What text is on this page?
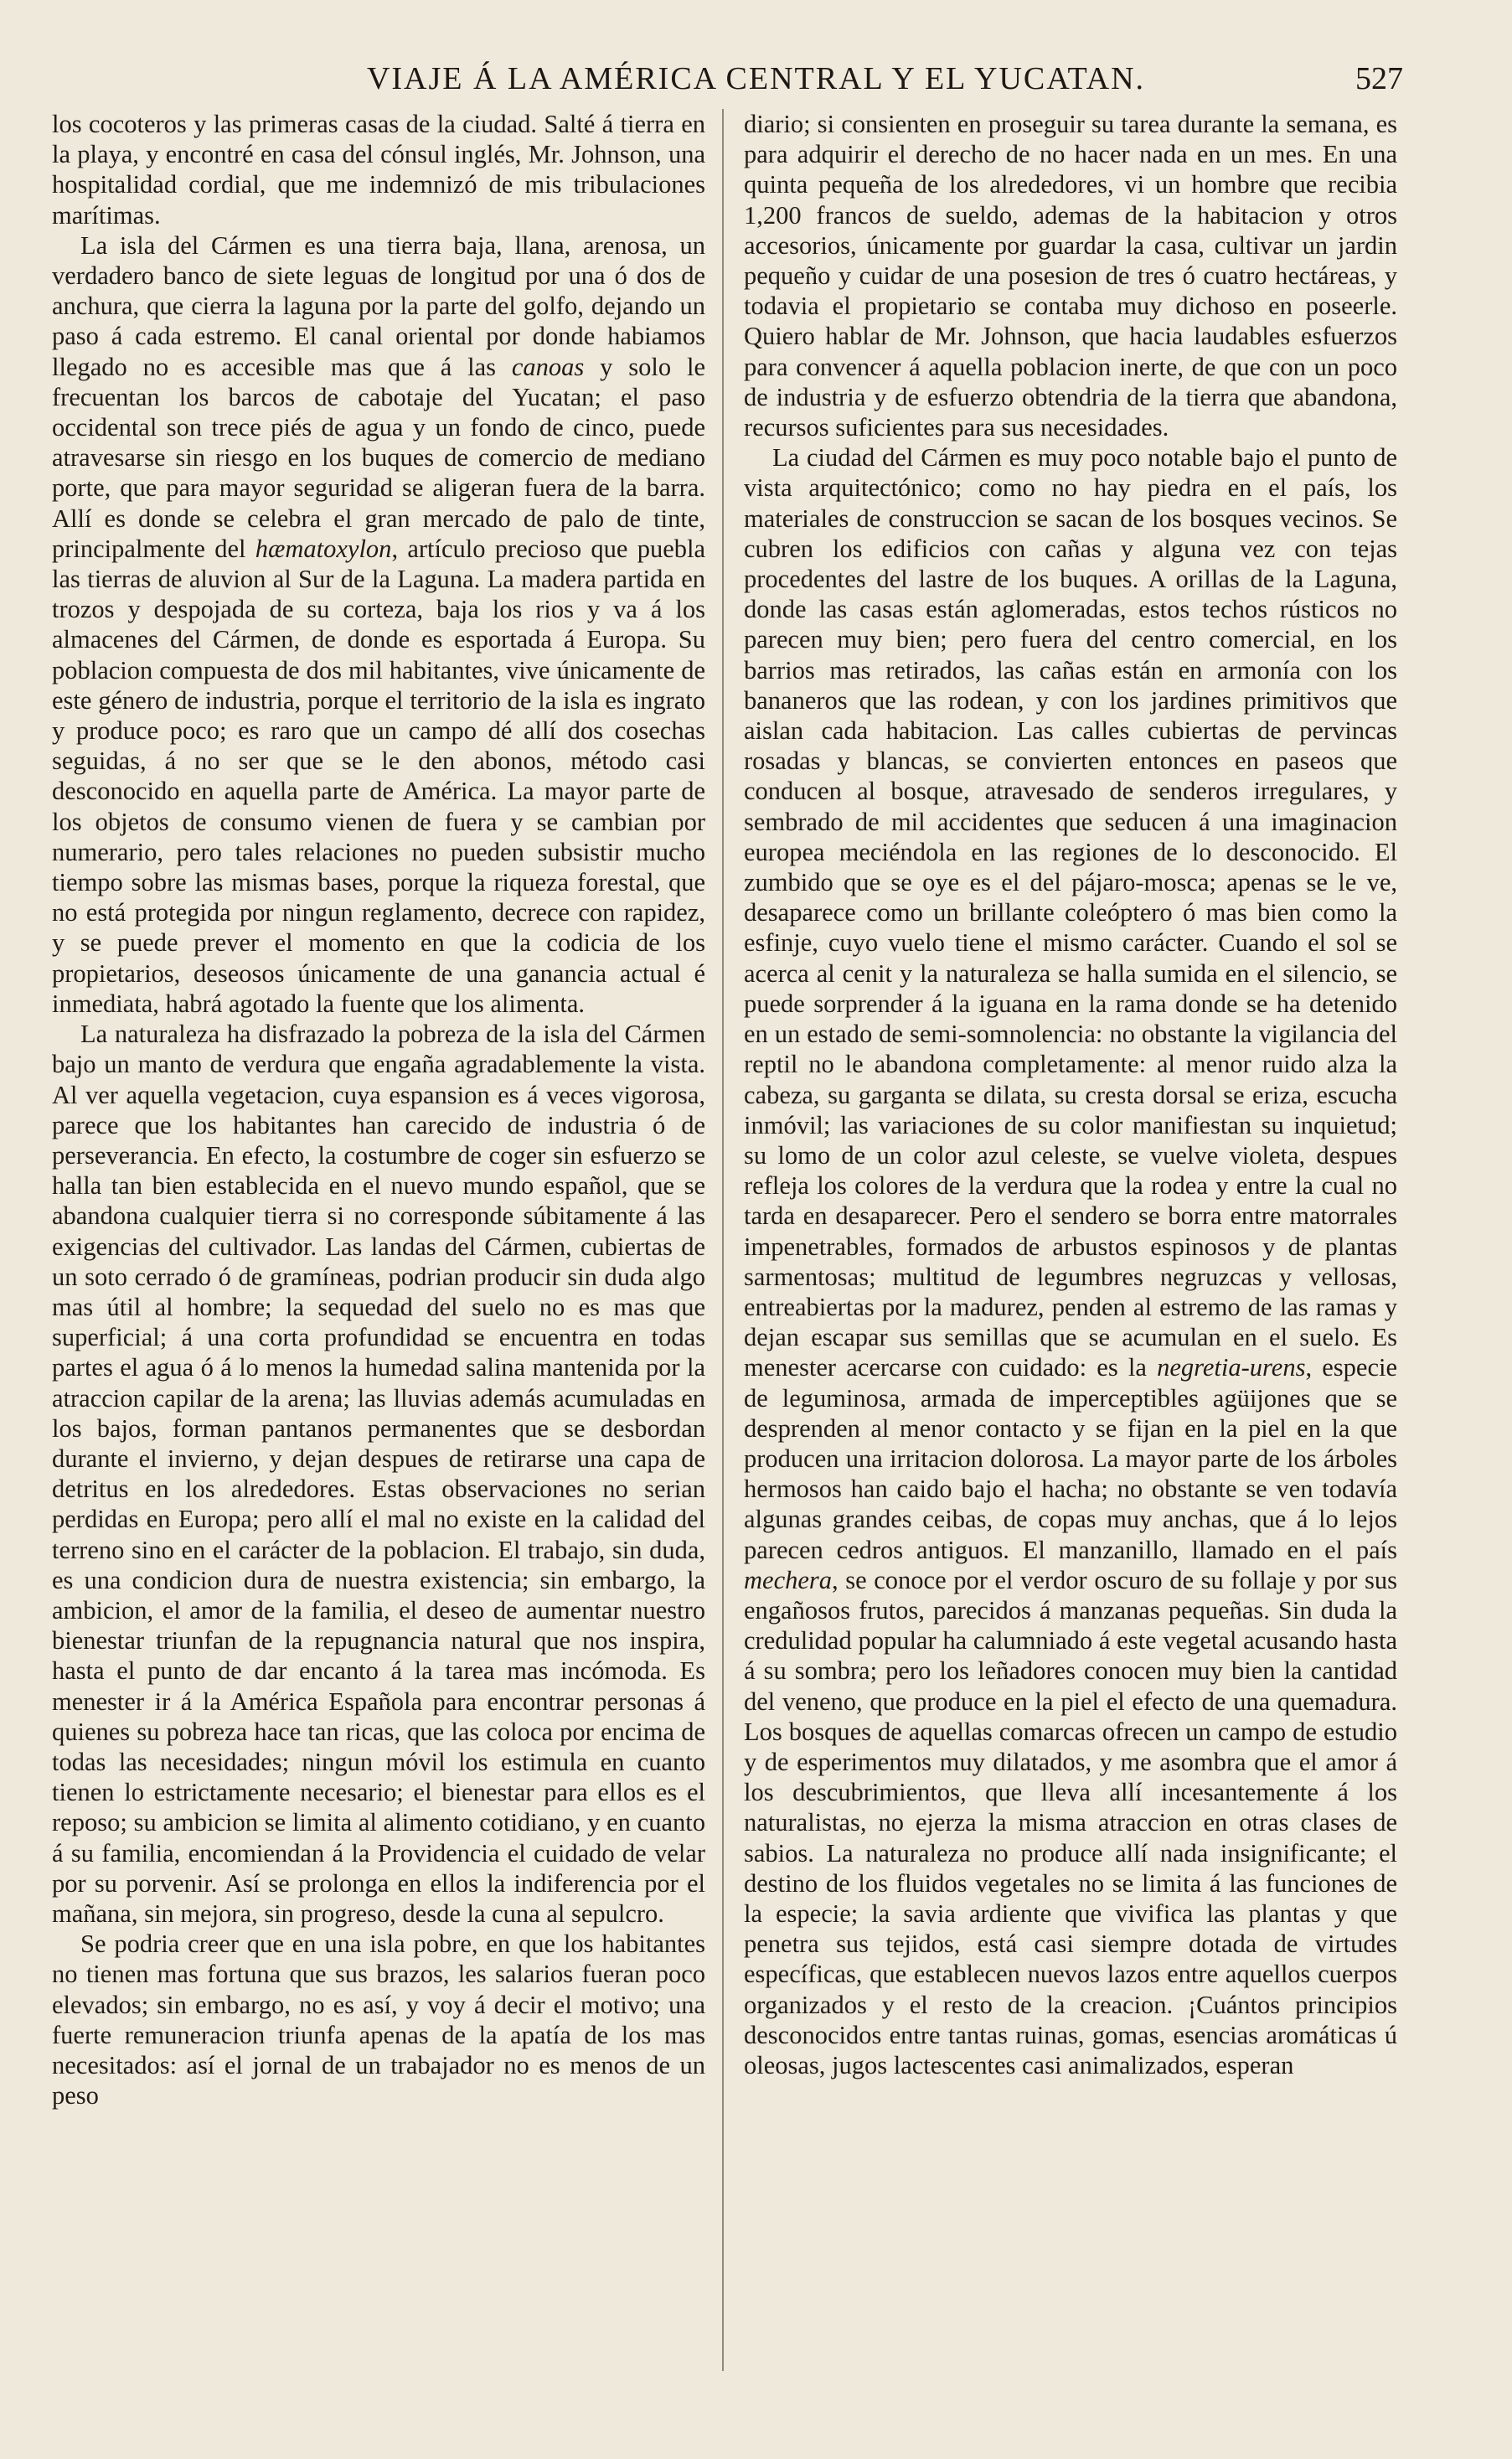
VIAJE Á LA AMÉRICA CENTRAL Y EL YUCATAN.	527

los cocoteros y las primeras casas de la ciudad. Salté á tierra en la playa, y encontré en casa del cónsul inglés, Mr. Johnson, una hospitalidad cordial, que me indemnizó de mis tribulaciones marítimas.

La isla del Cármen es una tierra baja, llana, arenosa, un verdadero banco de siete leguas de longitud por una ó dos de anchura, que cierra la laguna por la parte del golfo, dejando un paso á cada estremo. El canal oriental por donde habiamos llegado no es accesible mas que á las canoas y solo le frecuentan los barcos de cabotaje del Yucatan; el paso occidental son trece piés de agua y un fondo de cinco, puede atravesarse sin riesgo en los buques de comercio de mediano porte, que para mayor seguridad se aligeran fuera de la barra. Allí es donde se celebra el gran mercado de palo de tinte, principalmente del hæmatoxylon, artículo precioso que puebla las tierras de aluvion al Sur de la Laguna. La madera partida en trozos y despojada de su corteza, baja los rios y va á los almacenes del Cármen, de donde es esportada á Europa. Su poblacion compuesta de dos mil habitantes, vive únicamente de este género de industria, porque el territorio de la isla es ingrato y produce poco; es raro que un campo dé allí dos cosechas seguidas, á no ser que se le den abonos, método casi desconocido en aquella parte de América. La mayor parte de los objetos de consumo vienen de fuera y se cambian por numerario, pero tales relaciones no pueden subsistir mucho tiempo sobre las mismas bases, porque la riqueza forestal, que no está protegida por ningun reglamento, decrece con rapidez, y se puede prever el momento en que la codicia de los propietarios, deseosos únicamente de una ganancia actual é inmediata, habrá agotado la fuente que los alimenta.

La naturaleza ha disfrazado la pobreza de la isla del Cármen bajo un manto de verdura que engaña agradablemente la vista. Al ver aquella vegetacion, cuya espansion es á veces vigorosa, parece que los habitantes han carecido de industria ó de perseverancia. En efecto, la costumbre de coger sin esfuerzo se halla tan bien establecida en el nuevo mundo español, que se abandona cualquier tierra si no corresponde súbitamente á las exigencias del cultivador. Las landas del Cármen, cubiertas de un soto cerrado ó de gramíneas, podrian producir sin duda algo mas útil al hombre; la sequedad del suelo no es mas que superficial; á una corta profundidad se encuentra en todas partes el agua ó á lo menos la humedad salina mantenida por la atraccion capilar de la arena; las lluvias además acumuladas en los bajos, forman pantanos permanentes que se desbordan durante el invierno, y dejan despues de retirarse una capa de detritus en los alrededores. Estas observaciones no serian perdidas en Europa; pero allí el mal no existe en la calidad del terreno sino en el carácter de la poblacion. El trabajo, sin duda, es una condicion dura de nuestra existencia; sin embargo, la ambicion, el amor de la familia, el deseo de aumentar nuestro bienestar triunfan de la repugnancia natural que nos inspira, hasta el punto de dar encanto á la tarea mas incómoda. Es menester ir á la América Española para encontrar personas á quienes su pobreza hace tan ricas, que las coloca por encima de todas las necesidades; ningun móvil los estimula en cuanto tienen lo estrictamente necesario; el bienestar para ellos es el reposo; su ambicion se limita al alimento cotidiano, y en cuanto á su familia, encomiendan á la Providencia el cuidado de velar por su porvenir. Así se prolonga en ellos la indiferencia por el mañana, sin mejora, sin progreso, desde la cuna al sepulcro.

Se podria creer que en una isla pobre, en que los habitantes no tienen mas fortuna que sus brazos, les salarios fueran poco elevados; sin embargo, no es así, y voy á decir el motivo; una fuerte remuneracion triunfa apenas de la apatía de los mas necesitados: así el jornal de un trabajador no es menos de un peso

diario; si consienten en proseguir su tarea durante la semana, es para adquirir el derecho de no hacer nada en un mes. En una quinta pequeña de los alrededores, vi un hombre que recibia 1,200 francos de sueldo, ademas de la habitacion y otros accesorios, únicamente por guardar la casa, cultivar un jardin pequeño y cuidar de una posesion de tres ó cuatro hectáreas, y todavia el propietario se contaba muy dichoso en poseerle. Quiero hablar de Mr. Johnson, que hacia laudables esfuerzos para convencer á aquella poblacion inerte, de que con un poco de industria y de esfuerzo obtendria de la tierra que abandona, recursos suficientes para sus necesidades.

La ciudad del Cármen es muy poco notable bajo el punto de vista arquitectónico; como no hay piedra en el país, los materiales de construccion se sacan de los bosques vecinos. Se cubren los edificios con cañas y alguna vez con tejas procedentes del lastre de los buques. A orillas de la Laguna, donde las casas están aglomeradas, estos techos rústicos no parecen muy bien; pero fuera del centro comercial, en los barrios mas retirados, las cañas están en armonía con los bananeros que las rodean, y con los jardines primitivos que aislan cada habitacion. Las calles cubiertas de pervincas rosadas y blancas, se convierten entonces en paseos que conducen al bosque, atravesado de senderos irregulares, y sembrado de mil accidentes que seducen á una imaginacion europea meciéndola en las regiones de lo desconocido. El zumbido que se oye es el del pájaro-mosca; apenas se le ve, desaparece como un brillante coleóptero ó mas bien como la esfinje, cuyo vuelo tiene el mismo carácter. Cuando el sol se acerca al cenit y la naturaleza se halla sumida en el silencio, se puede sorprender á la iguana en la rama donde se ha detenido en un estado de semi-somnolencia: no obstante la vigilancia del reptil no le abandona completamente: al menor ruido alza la cabeza, su garganta se dilata, su cresta dorsal se eriza, escucha inmóvil; las variaciones de su color manifiestan su inquietud; su lomo de un color azul celeste, se vuelve violeta, despues refleja los colores de la verdura que la rodea y entre la cual no tarda en desaparecer. Pero el sendero se borra entre matorrales impenetrables, formados de arbustos espinosos y de plantas sarmentosas; multitud de legumbres negruzcas y vellosas, entreabiertas por la madurez, penden al estremo de las ramas y dejan escapar sus semillas que se acumulan en el suelo. Es menester acercarse con cuidado: es la negretia-urens, especie de leguminosa, armada de imperceptibles agüijones que se desprenden al menor contacto y se fijan en la piel en la que producen una irritacion dolorosa. La mayor parte de los árboles hermosos han caido bajo el hacha; no obstante se ven todavía algunas grandes ceibas, de copas muy anchas, que á lo lejos parecen cedros antiguos. El manzanillo, llamado en el país mechera, se conoce por el verdor oscuro de su follaje y por sus engañosos frutos, parecidos á manzanas pequeñas. Sin duda la credulidad popular ha calumniado á este vegetal acusando hasta á su sombra; pero los leñadores conocen muy bien la cantidad del veneno, que produce en la piel el efecto de una quemadura. Los bosques de aquellas comarcas ofrecen un campo de estudio y de esperimentos muy dilatados, y me asombra que el amor á los descubrimientos, que lleva allí incesantemente á los naturalistas, no ejerza la misma atraccion en otras clases de sabios. La naturaleza no produce allí nada insignificante; el destino de los fluidos vegetales no se limita á las funciones de la especie; la savia ardiente que vivifica las plantas y que penetra sus tejidos, está casi siempre dotada de virtudes específicas, que establecen nuevos lazos entre aquellos cuerpos organizados y el resto de la creacion. ¡Cuántos principios desconocidos entre tantas ruinas, gomas, esencias aromáticas ú oleosas, jugos lactescentes casi animalizados, esperan
